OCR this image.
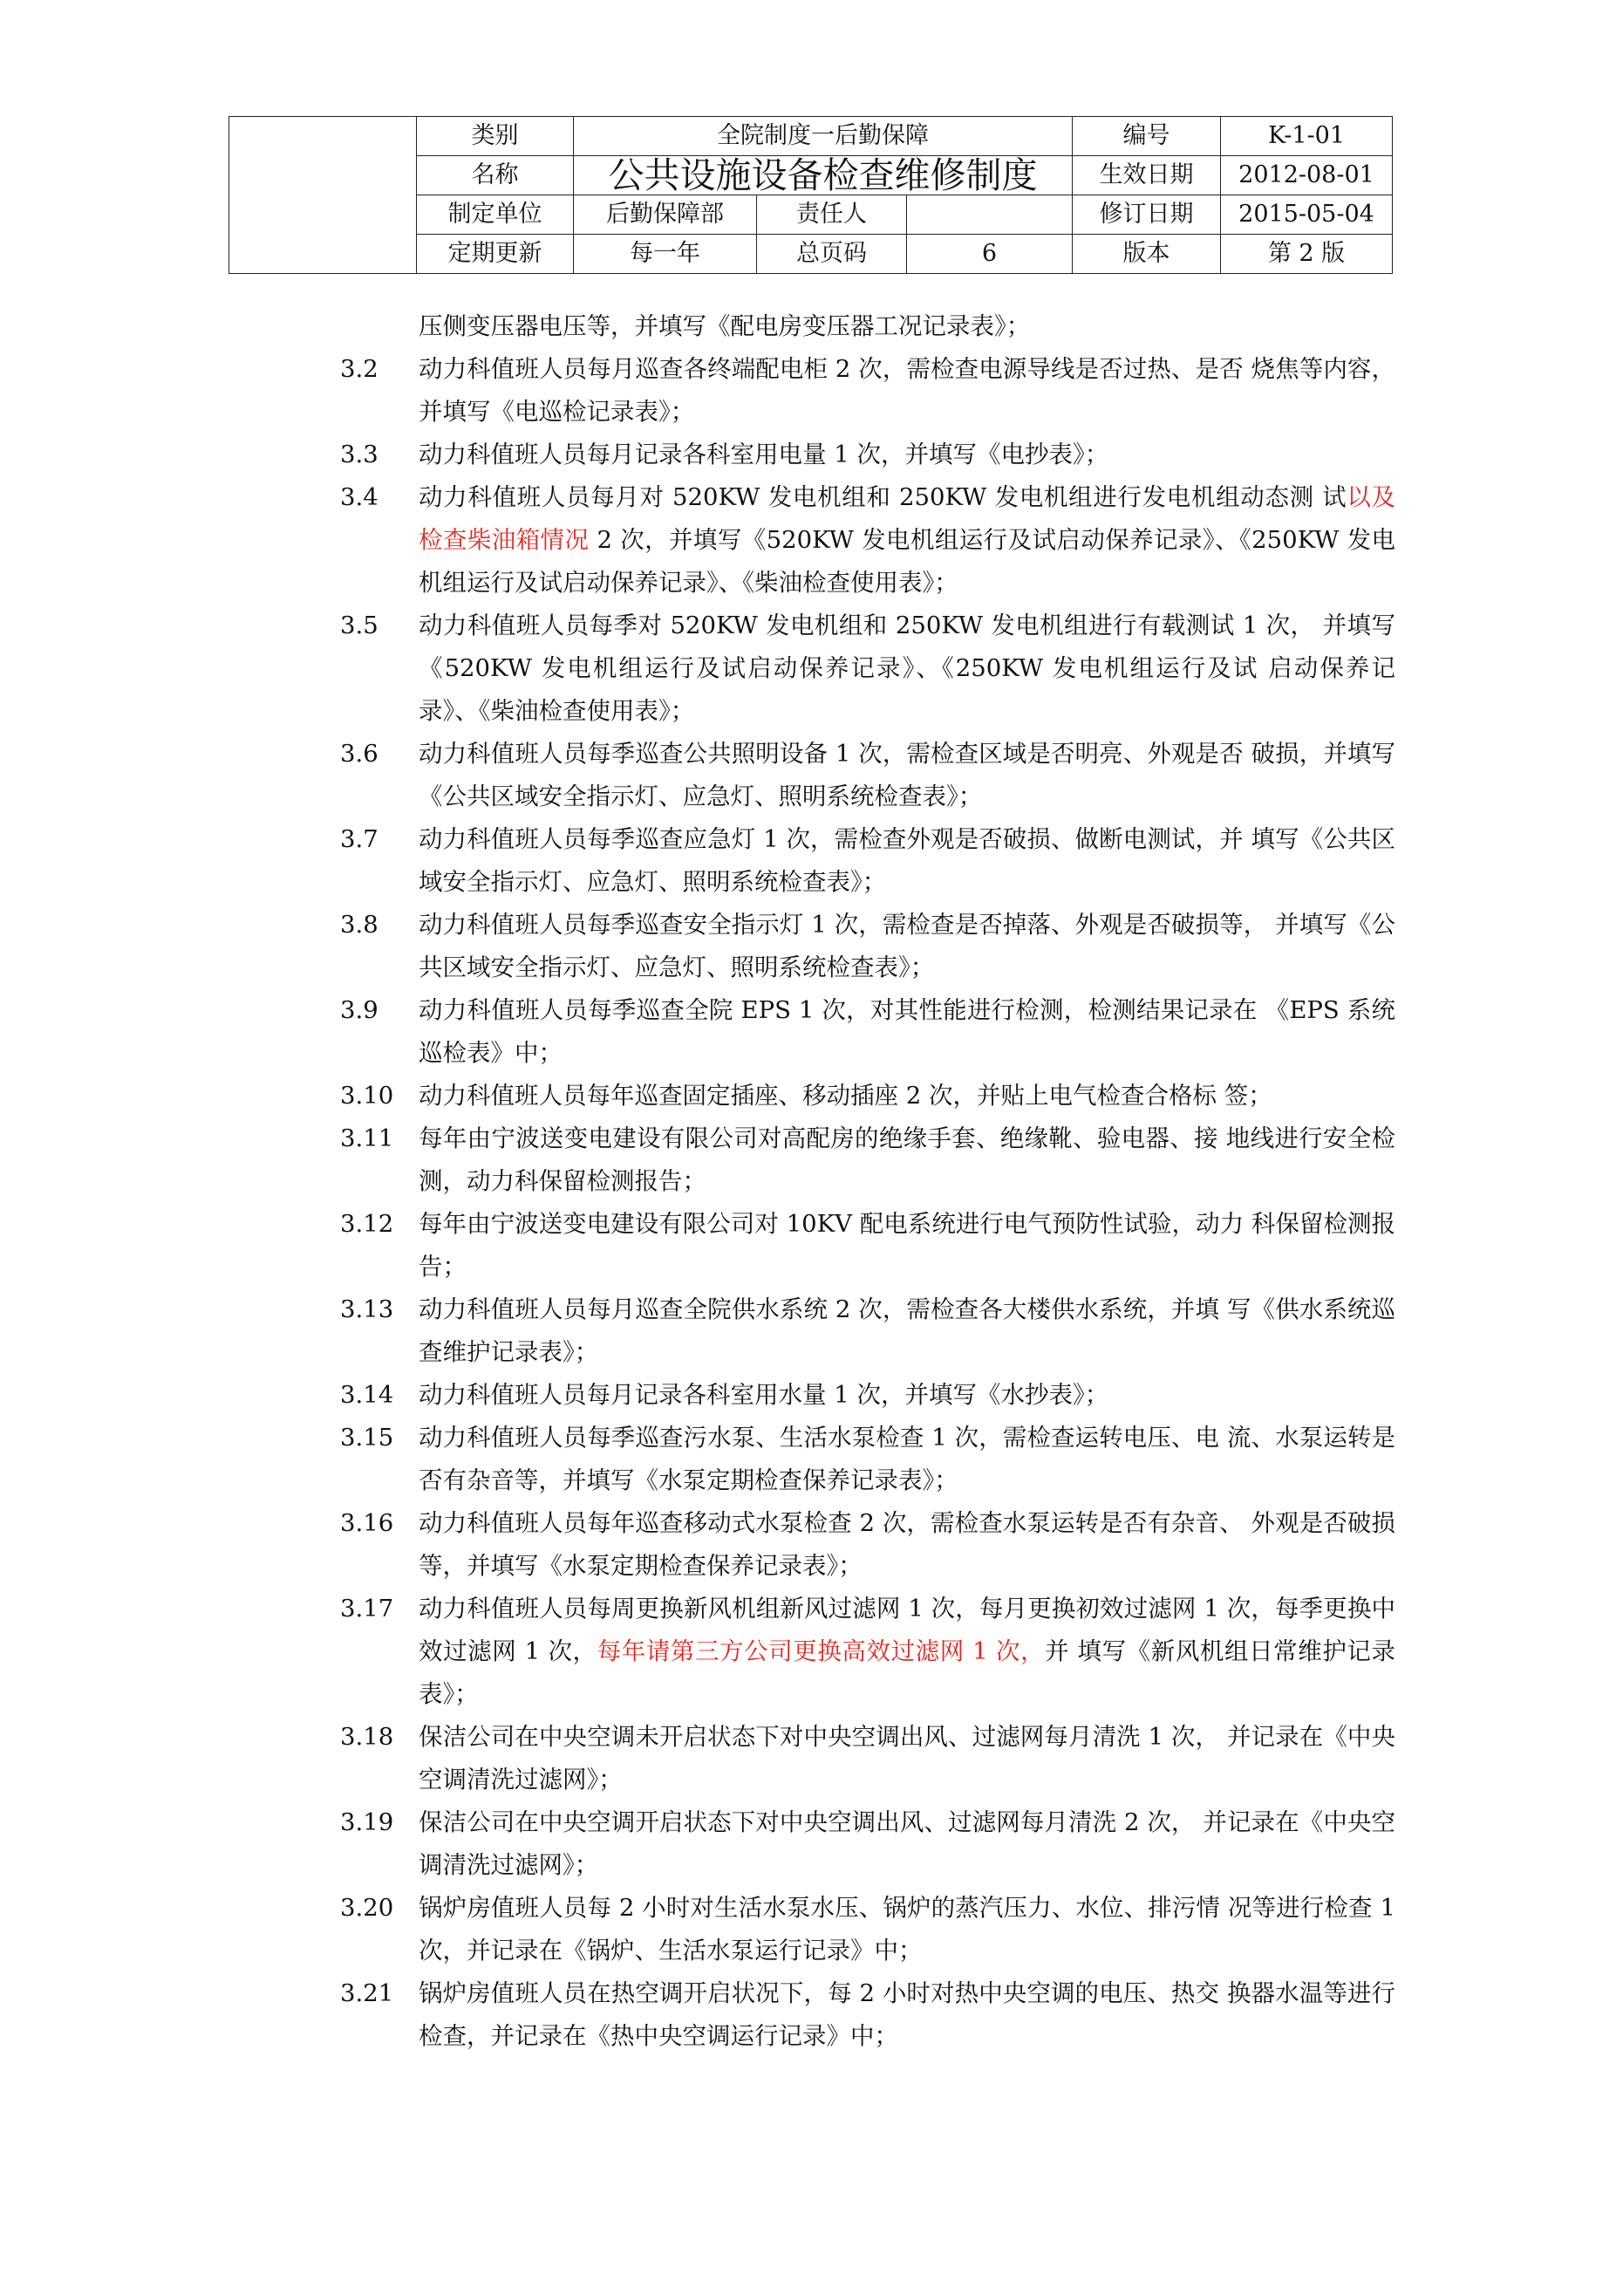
	类别	全院制度一后勤保障			编号	K-1-01
	名称	公共设施设备检查维修制度			生效日期	2012-08-01
	制定单位	后勤保障部	责任人		修订日期	2015-05-04
	定期更新	每一年	总页码	6	版本	第 2 版

压侧变压器电压等，并填写《配电房变压器工况记录表》；

3.2	动力科值班人员每月巡查各终端配电柜 2 次，需检查电源导线是否过热、是否 烧焦等内容，并填写《电巡检记录表》；
3.3	动力科值班人员每月记录各科室用电量 1 次，并填写《电抄表》；
3.4	动力科值班人员每月对 520KW 发电机组和 250KW 发电机组进行发电机组动态测 试以及检查柴油箱情况 2 次，并填写《520KW 发电机组运行及试启动保养记录》、《250KW 发电机组运行及试启动保养记录》、《柴油检查使用表》；
3.5	动力科值班人员每季对 520KW 发电机组和 250KW 发电机组进行有载测试 1 次， 并填写《520KW 发电机组运行及试启动保养记录》、《250KW 发电机组运行及试 启动保养记录》、《柴油检查使用表》；
3.6	动力科值班人员每季巡查公共照明设备 1 次，需检查区域是否明亮、外观是否 破损，并填写《公共区域安全指示灯、应急灯、照明系统检查表》；
3.7	动力科值班人员每季巡查应急灯 1 次，需检查外观是否破损、做断电测试，并 填写《公共区域安全指示灯、应急灯、照明系统检查表》；
3.8	动力科值班人员每季巡查安全指示灯 1 次，需检查是否掉落、外观是否破损等， 并填写《公共区域安全指示灯、应急灯、照明系统检查表》；
3.9	动力科值班人员每季巡查全院 EPS 1 次，对其性能进行检测，检测结果记录在 《EPS 系统巡检表》中；
3.10	动力科值班人员每年巡查固定插座、移动插座 2 次，并贴上电气检查合格标 签；
3.11	每年由宁波送变电建设有限公司对高配房的绝缘手套、绝缘靴、验电器、接 地线进行安全检测，动力科保留检测报告；
3.12	每年由宁波送变电建设有限公司对 10KV 配电系统进行电气预防性试验，动力 科保留检测报告；
3.13	动力科值班人员每月巡查全院供水系统 2 次，需检查各大楼供水系统，并填 写《供水系统巡查维护记录表》；
3.14	动力科值班人员每月记录各科室用水量 1 次，并填写《水抄表》；
3.15	动力科值班人员每季巡查污水泵、生活水泵检查 1 次，需检查运转电压、电 流、水泵运转是否有杂音等，并填写《水泵定期检查保养记录表》；
3.16	动力科值班人员每年巡查移动式水泵检查 2 次，需检查水泵运转是否有杂音、 外观是否破损等，并填写《水泵定期检查保养记录表》；
3.17	动力科值班人员每周更换新风机组新风过滤网 1 次，每月更换初效过滤网 1 次，每季更换中效过滤网 1 次，每年请第三方公司更换高效过滤网 1 次，并 填写《新风机组日常维护记录表》；
3.18	保洁公司在中央空调未开启状态下对中央空调出风、过滤网每月清洗 1 次， 并记录在《中央空调清洗过滤网》；
3.19	保洁公司在中央空调开启状态下对中央空调出风、过滤网每月清洗 2 次， 并记录在《中央空调清洗过滤网》；
3.20	锅炉房值班人员每 2 小时对生活水泵水压、锅炉的蒸汽压力、水位、排污情 况等进行检查 1 次，并记录在《锅炉、生活水泵运行记录》中；
3.21	锅炉房值班人员在热空调开启状况下，每 2 小时对热中央空调的电压、热交 换器水温等进行检查，并记录在《热中央空调运行记录》中；
